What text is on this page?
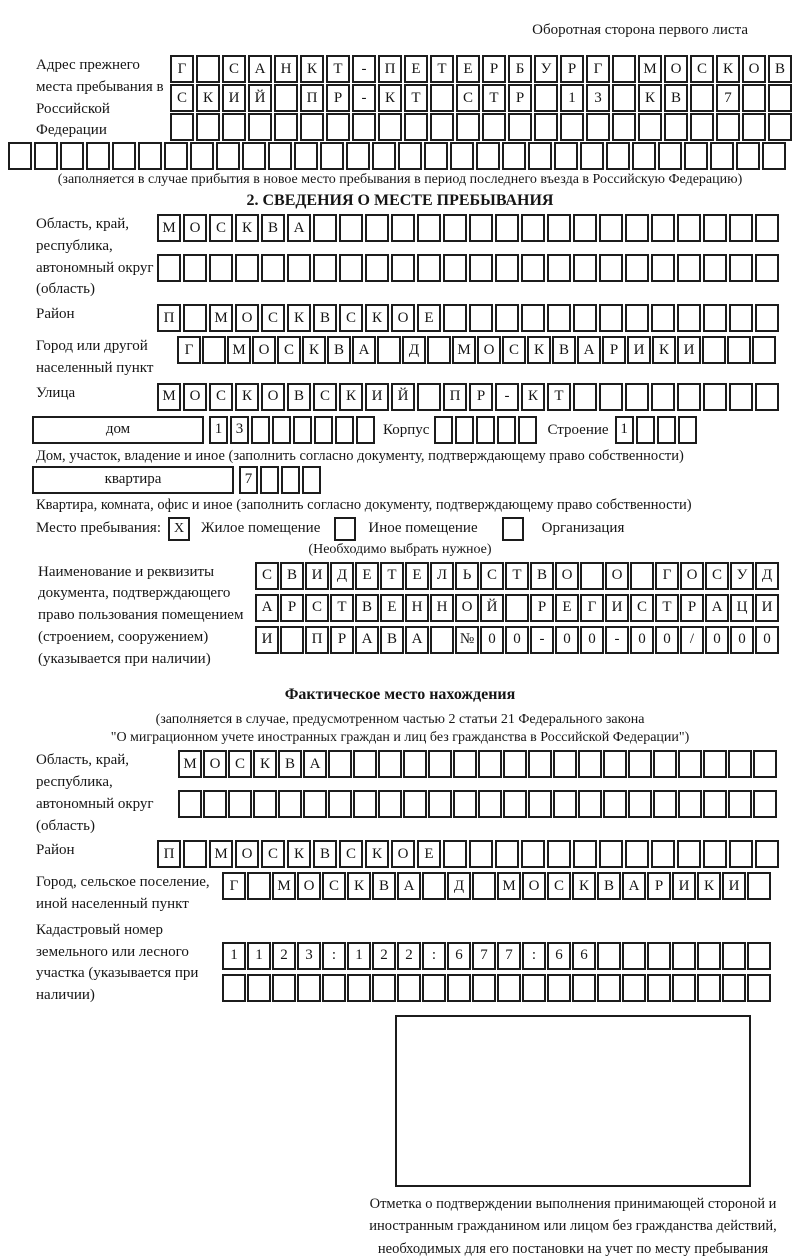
Оборотная сторона первого листа
Адрес прежнего места пребывания в Российской Федерации
Г	С	А	Н	К	Т	-	П	Е	Т	Е	Р	Б	У	Р	Г	М О	С	К	О	В
С	К	И	Й	П	Р	-	К	Т	С	Т	Р	1	3	К	В	7
(заполняется в случае прибытия в новое место пребывания в период последнего въезда в Российскую Федерацию)
2. СВЕДЕНИЯ О МЕСТЕ ПРЕБЫВАНИЯ
Область, край, республика, автономный округ (область)
М О	С	К	В	А
Район	П	М О	С	К	В	С	К	О	Е
Город или другой населенный пункт
Г	М О С К В А	Д	М О С К В А	Р	И К И
Улица	М О	С	К	О	В	С	К	И	Й	П	Р	-	К	Т
дом	1 3	Корпус	Строение 1
Дом, участок, владение и иное (заполнить согласно документу, подтверждающему право собственности)
квартира	7
Квартира, комната, офис и иное (заполнить согласно документу, подтверждающему право собственности)
Место пребывания: X	Жилое помещение	Иное помещение	Организация
(Необходимо выбрать нужное)
Наименование и реквизиты документа, подтверждающего право пользования помещением (строением, сооружением) (указывается при наличии)
С В И Д	Е	Т	Е	Л	Ь	С	Т	В О	О	Г	О С У Д
А	Р	С	Т	В	Е	Н Н О Й	Р	Е	Г	И С	Т	Р	А Ц И
И	П	Р	А В А	№ 0	0	-	0	0	-	0	0	/	0	0	0
Фактическое место нахождения
(заполняется в случае, предусмотренном частью 2 статьи 21 Федерального закона
"О миграционном учете иностранных граждан и лиц без гражданства в Российской Федерации")
Область, край, республика, автономный округ (область)
М О С К В А
Район	П	М О	С	К	В	С	К	О	Е
Город, сельское поселение, иной населенный пункт
Г	М О С К В А	Д	М О С К В А	Р	И К И
Кадастровый номер земельного или лесного участка (указывается при наличии)
1	1	2	3	:	1	2	2	:	6	7	7	:	6	6
Отметка о подтверждении выполнения принимающей стороной и иностранным гражданином или лицом без гражданства действий, необходимых для его постановки на учет по месту пребывания
